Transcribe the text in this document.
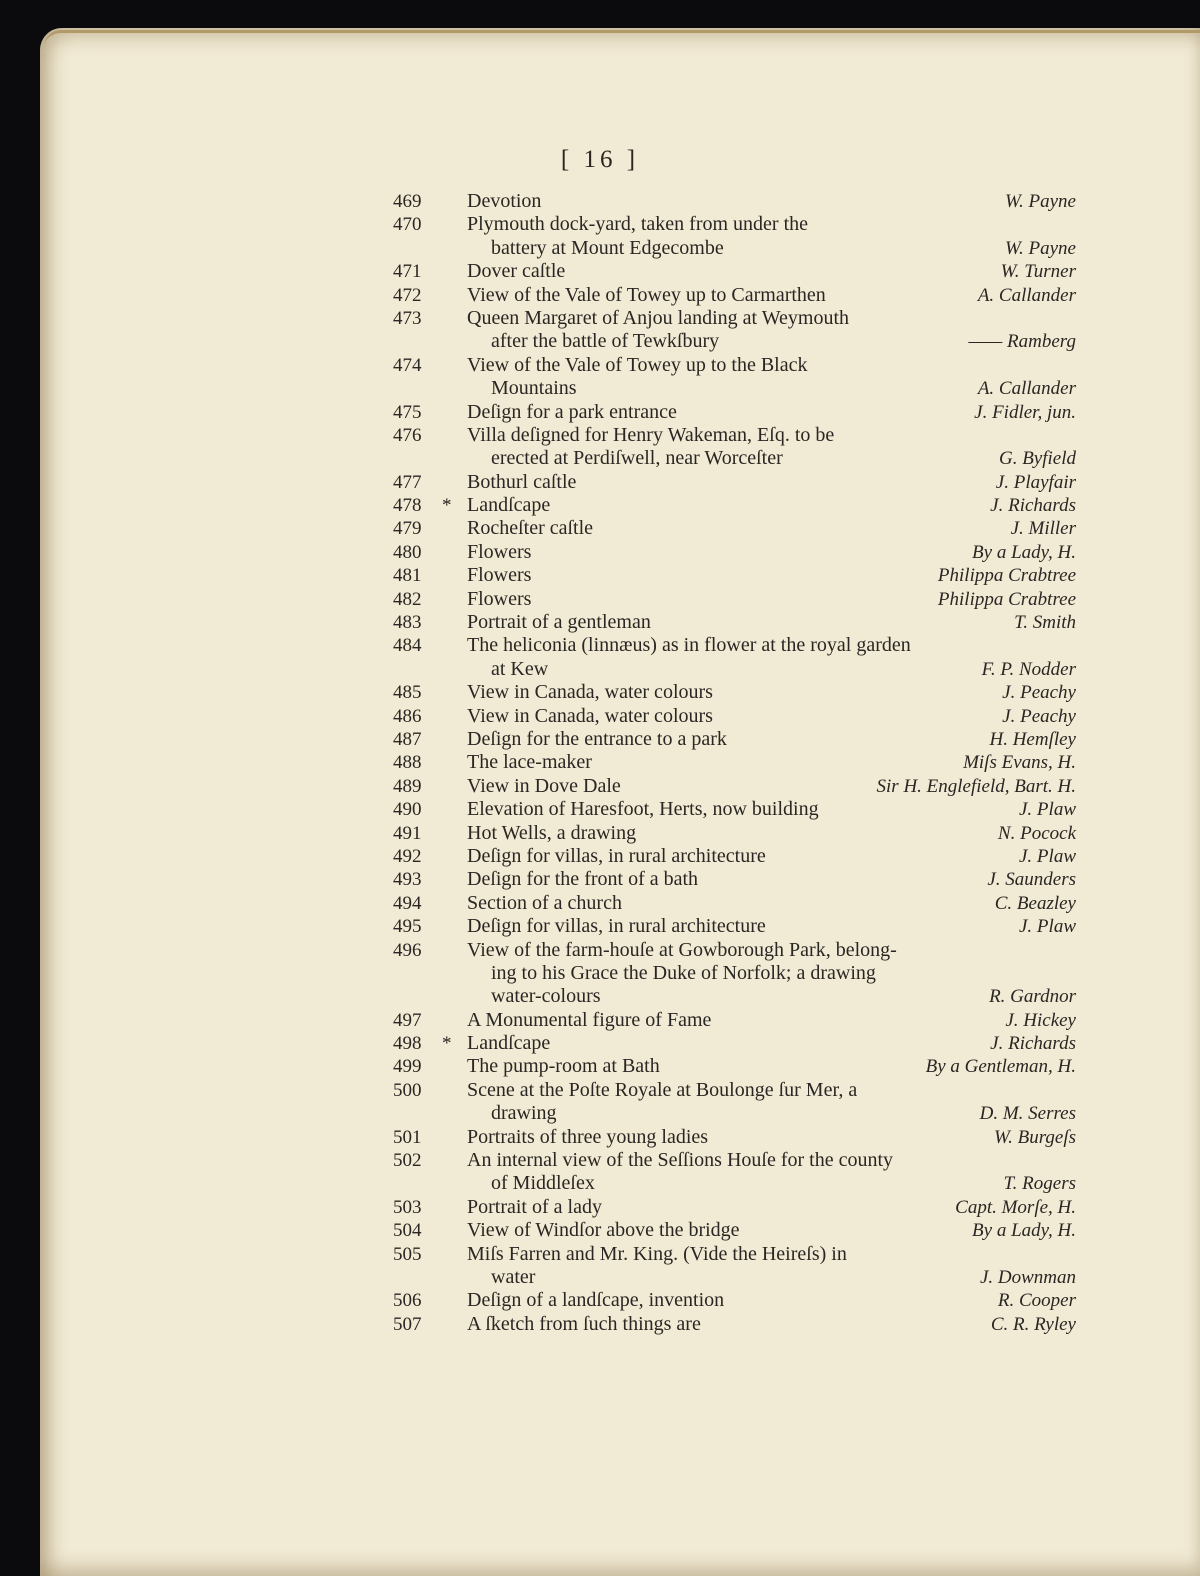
[ 16 ]
469	Devotion	W. Payne
470	Plymouth dock-yard, taken from under the
battery at Mount Edgecombe	W. Payne
471	Dover caſtle	W. Turner
472	View of the Vale of Towey up to Carmarthen	A. Callander
473	Queen Margaret of Anjou landing at Weymouth
after the battle of Tewkſbury	—— Ramberg
474	View of the Vale of Towey up to the Black
Mountains	A. Callander
475	Deſign for a park entrance	J. Fidler, jun.
476	Villa deſigned for Henry Wakeman, Eſq. to be
erected at Perdiſwell, near Worceſter	G. Byfield
477	Bothurl caſtle	J. Playfair
478	* Landſcape	J. Richards
479	Rocheſter caſtle	J. Miller
480	Flowers	By a Lady, H.
481	Flowers	Philippa Crabtree
482	Flowers	Philippa Crabtree
483	Portrait of a gentleman	T. Smith
484	The heliconia (linnæus) as in flower at the royal garden
at Kew	F. P. Nodder
485	View in Canada, water colours	J. Peachy
486	View in Canada, water colours	J. Peachy
487	Deſign for the entrance to a park	H. Hemſley
488	The lace-maker	Miſs Evans, H.
489	View in Dove Dale	Sir H. Englefield, Bart. H.
490	Elevation of Haresfoot, Herts, now building	J. Plaw
491	Hot Wells, a drawing	N. Pocock
492	Deſign for villas, in rural architecture	J. Plaw
493	Deſign for the front of a bath	J. Saunders
494	Section of a church	C. Beazley
495	Deſign for villas, in rural architecture	J. Plaw
496	View of the farm-houſe at Gowborough Park, belong-
ing to his Grace the Duke of Norfolk; a drawing
water-colours	R. Gardnor
497	A Monumental figure of Fame	J. Hickey
498	* Landſcape	J. Richards
499	The pump-room at Bath	By a Gentleman, H.
500	Scene at the Poſte Royale at Boulonge ſur Mer, a
drawing	D. M. Serres
501	Portraits of three young ladies	W. Burgeſs
502	An internal view of the Seſſions Houſe for the county
of Middleſex	T. Rogers
503	Portrait of a lady	Capt. Morſe, H.
504	View of Windſor above the bridge	By a Lady, H.
505	Miſs Farren and Mr. King. (Vide the Heireſs) in
water	J. Downman
506	Deſign of a landſcape, invention	R. Cooper
507	A ſketch from ſuch things are	C. R. Ryley
